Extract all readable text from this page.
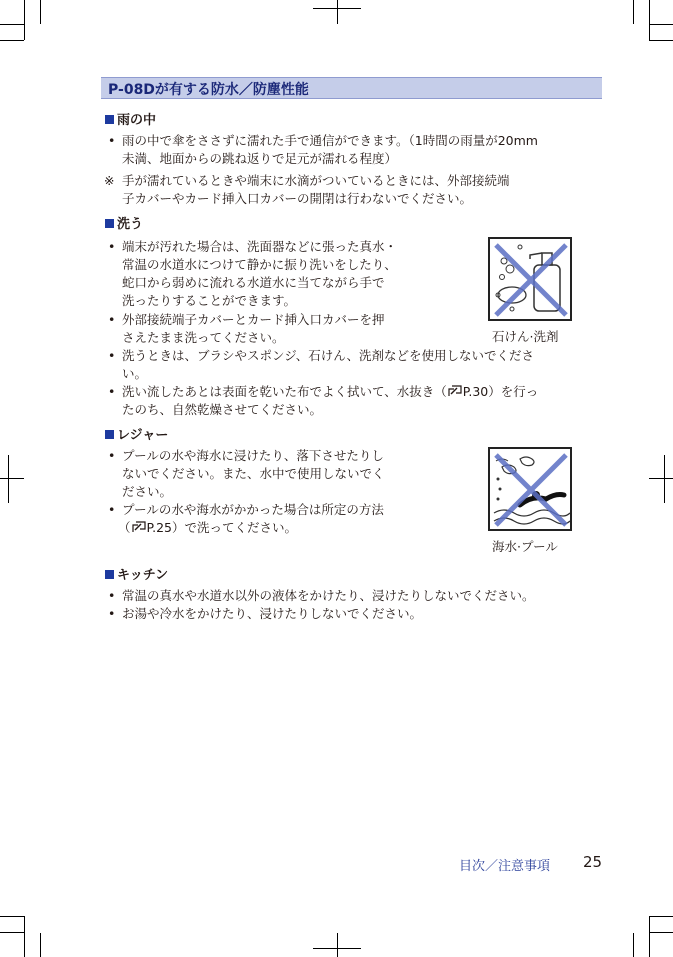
P-08Dが有する防水／防塵性能
雨の中
• 雨の中で傘をささずに濡れた手で通信ができます。（1時間の雨量が20mm
未満、地面からの跳ね返りで足元が濡れる程度）
※ 手が濡れているときや端末に水滴がついているときには、外部接続端
子カバーやカード挿入口カバーの開閉は行わないでください。
洗う
• 端末が汚れた場合は、洗面器などに張った真水・
常温の水道水につけて静かに振り洗いをしたり、
蛇口から弱めに流れる水道水に当てながら手で
洗ったりすることができます。
• 外部接続端子カバーとカード挿入口カバーを押
さえたまま洗ってください。	石けん·洗剤
• 洗うときは、ブラシやスポンジ、石けん、洗剤などを使用しないでくださ
い。
• 洗い流したあとは表面を乾いた布でよく拭いて、水抜き（ P.30）を行っ
たのち、自然乾燥させてください。
レジャー
• プールの水や海水に浸けたり、落下させたりし
ないでください。また、水中で使用しないでく
ださい。
• プールの水や海水がかかった場合は所定の方法
（ P.25）で洗ってください。
海水·プール
キッチン
• 常温の真水や水道水以外の液体をかけたり、浸けたりしないでください。
• お湯や冷水をかけたり、浸けたりしないでください。
目次／注意事項 25
